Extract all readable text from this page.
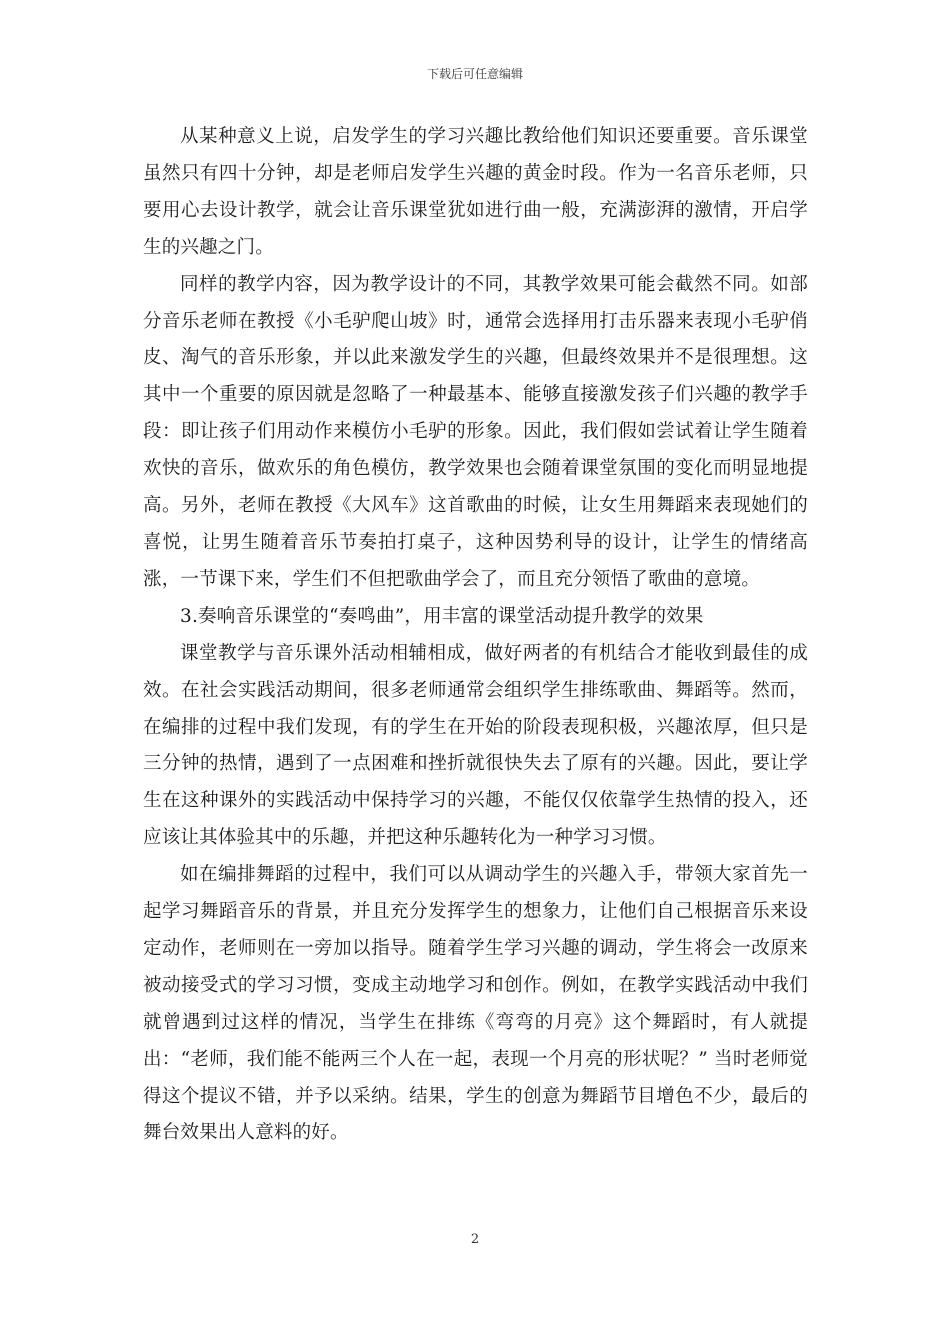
下载后可任意编辑

从某种意义上说，启发学生的学习兴趣比教给他们知识还要重要。音乐课堂虽然只有四十分钟，却是老师启发学生兴趣的黄金时段。作为一名音乐老师，只要用心去设计教学，就会让音乐课堂犹如进行曲一般，充满澎湃的激情，开启学生的兴趣之门。

同样的教学内容，因为教学设计的不同，其教学效果可能会截然不同。如部分音乐老师在教授《小毛驴爬山坡》时，通常会选择用打击乐器来表现小毛驴俏皮、淘气的音乐形象，并以此来激发学生的兴趣，但最终效果并不是很理想。这其中一个重要的原因就是忽略了一种最基本、能够直接激发孩子们兴趣的教学手段：即让孩子们用动作来模仿小毛驴的形象。因此，我们假如尝试着让学生随着欢快的音乐，做欢乐的角色模仿，教学效果也会随着课堂氛围的变化而明显地提高。另外，老师在教授《大风车》这首歌曲的时候，让女生用舞蹈来表现她们的喜悦，让男生随着音乐节奏拍打桌子，这种因势利导的设计，让学生的情绪高涨，一节课下来，学生们不但把歌曲学会了，而且充分领悟了歌曲的意境。

3.奏响音乐课堂的“奏鸣曲”，用丰富的课堂活动提升教学的效果

课堂教学与音乐课外活动相辅相成，做好两者的有机结合才能收到最佳的成效。在社会实践活动期间，很多老师通常会组织学生排练歌曲、舞蹈等。然而，在编排的过程中我们发现，有的学生在开始的阶段表现积极，兴趣浓厚，但只是三分钟的热情，遇到了一点困难和挫折就很快失去了原有的兴趣。因此，要让学生在这种课外的实践活动中保持学习的兴趣，不能仅仅依靠学生热情的投入，还应该让其体验其中的乐趣，并把这种乐趣转化为一种学习习惯。

如在编排舞蹈的过程中，我们可以从调动学生的兴趣入手，带领大家首先一起学习舞蹈音乐的背景，并且充分发挥学生的想象力，让他们自己根据音乐来设定动作，老师则在一旁加以指导。随着学生学习兴趣的调动，学生将会一改原来被动接受式的学习习惯，变成主动地学习和创作。例如，在教学实践活动中我们就曾遇到过这样的情况，当学生在排练《弯弯的月亮》这个舞蹈时，有人就提出：“老师，我们能不能两三个人在一起，表现一个月亮的形状呢？” 当时老师觉得这个提议不错，并予以采纳。结果，学生的创意为舞蹈节目增色不少，最后的舞台效果出人意料的好。

2
